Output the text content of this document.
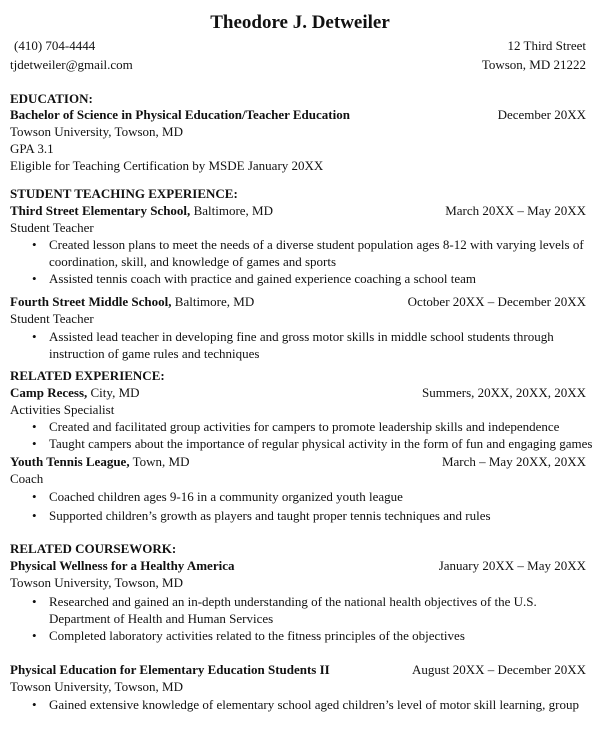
Theodore J. Detweiler
(410) 704-4444	12 Third Street
tjdetweiler@gmail.com	Towson, MD 21222
EDUCATION:
Bachelor of Science in Physical Education/Teacher Education	December 20XX
Towson University, Towson, MD
GPA 3.1
Eligible for Teaching Certification by MSDE January 20XX
STUDENT TEACHING EXPERIENCE:
Third Street Elementary School, Baltimore, MD	March 20XX – May 20XX
Student Teacher
• Created lesson plans to meet the needs of a diverse student population ages 8-12 with varying levels of coordination, skill, and knowledge of games and sports
• Assisted tennis coach with practice and gained experience coaching a school team
Fourth Street Middle School, Baltimore, MD	October 20XX – December 20XX
Student Teacher
• Assisted lead teacher in developing fine and gross motor skills in middle school students through instruction of game rules and techniques
RELATED EXPERIENCE:
Camp Recess, City, MD	Summers, 20XX, 20XX, 20XX
Activities Specialist
• Created and facilitated group activities for campers to promote leadership skills and independence
• Taught campers about the importance of regular physical activity in the form of fun and engaging games
Youth Tennis League, Town, MD	March – May 20XX, 20XX
Coach
• Coached children ages 9-16 in a community organized youth league
• Supported children’s growth as players and taught proper tennis techniques and rules
RELATED COURSEWORK:
Physical Wellness for a Healthy America	January 20XX – May 20XX
Towson University, Towson, MD
• Researched and gained an in-depth understanding of the national health objectives of the U.S. Department of Health and Human Services
• Completed laboratory activities related to the fitness principles of the objectives
Physical Education for Elementary Education Students II	August 20XX – December 20XX
Towson University, Towson, MD
• Gained extensive knowledge of elementary school aged children’s level of motor skill learning, group
